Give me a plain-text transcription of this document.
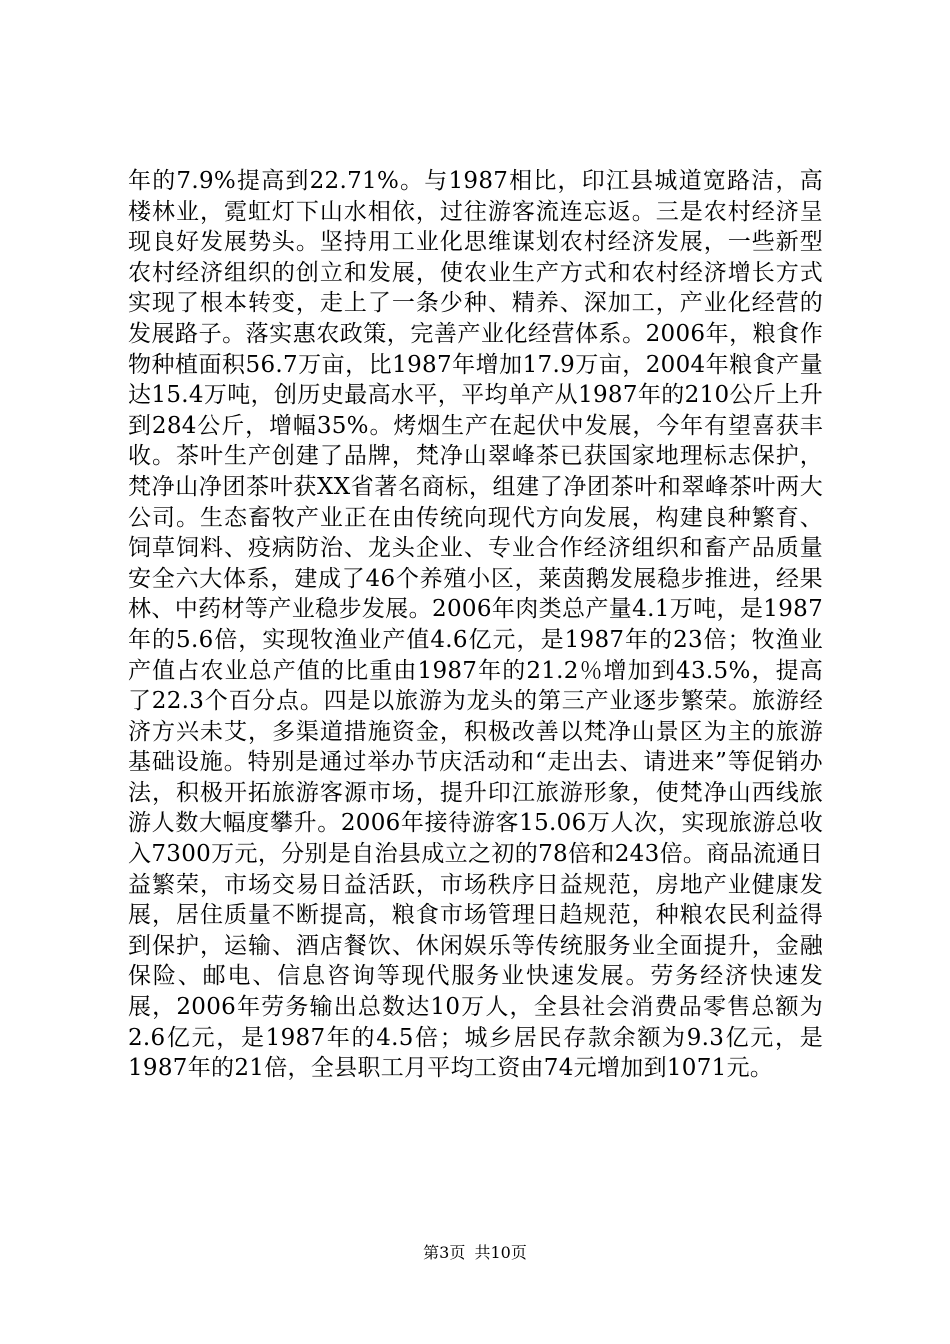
年的7.9%提高到22.71%。与1987相比，印江县城道宽路洁，高楼林业，霓虹灯下山水相依，过往游客流连忘返。三是农村经济呈现良好发展势头。坚持用工业化思维谋划农村经济发展，一些新型农村经济组织的创立和发展，使农业生产方式和农村经济增长方式实现了根本转变，走上了一条少种、精养、深加工，产业化经营的发展路子。落实惠农政策，完善产业化经营体系。2006年，粮食作物种植面积56.7万亩，比1987年增加17.9万亩，2004年粮食产量达15.4万吨，创历史最高水平，平均单产从1987年的210公斤上升到284公斤，增幅35%。烤烟生产在起伏中发展，今年有望喜获丰收。茶叶生产创建了品牌，梵净山翠峰茶已获国家地理标志保护，梵净山净团茶叶获XX省著名商标，组建了净团茶叶和翠峰茶叶两大公司。生态畜牧产业正在由传统向现代方向发展，构建良种繁育、饲草饲料、疫病防治、龙头企业、专业合作经济组织和畜产品质量安全六大体系，建成了46个养殖小区，莱茵鹅发展稳步推进，经果林、中药材等产业稳步发展。2006年肉类总产量4.1万吨，是1987年的5.6倍，实现牧渔业产值4.6亿元，是1987年的23倍；牧渔业产值占农业总产值的比重由1987年的21.2％增加到43.5%，提高了22.3个百分点。四是以旅游为龙头的第三产业逐步繁荣。旅游经济方兴未艾，多渠道措施资金，积极改善以梵净山景区为主的旅游基础设施。特别是通过举办节庆活动和“走出去、请进来”等促销办法，积极开拓旅游客源市场，提升印江旅游形象，使梵净山西线旅游人数大幅度攀升。2006年接待游客15.06万人次，实现旅游总收入7300万元，分别是自治县成立之初的78倍和243倍。商品流通日益繁荣，市场交易日益活跃，市场秩序日益规范，房地产业健康发展，居住质量不断提高，粮食市场管理日趋规范，种粮农民利益得到保护，运输、酒店餐饮、休闲娱乐等传统服务业全面提升，金融保险、邮电、信息咨询等现代服务业快速发展。劳务经济快速发展，2006年劳务输出总数达10万人，全县社会消费品零售总额为2.6亿元，是1987年的4.5倍；城乡居民存款余额为9.3亿元，是1987年的21倍，全县职工月平均工资由74元增加到1071元。

第3页 共10页
